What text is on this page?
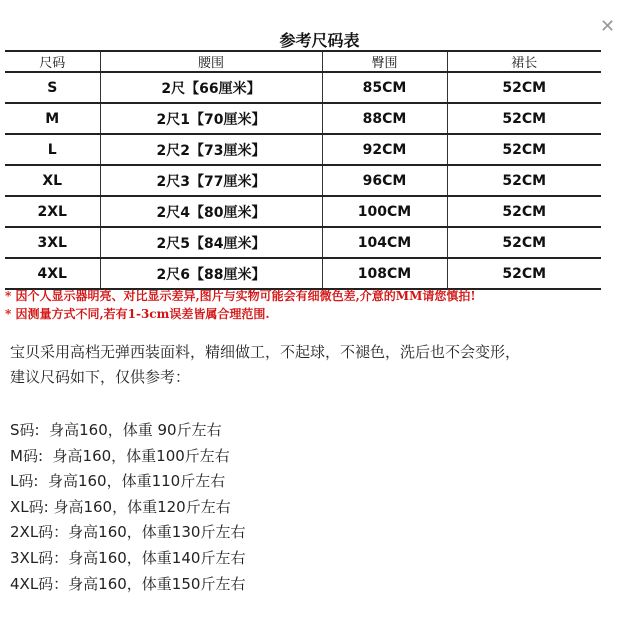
✕
参考尺码表
尺码	腰围	臀围	裙长
S	2尺【66厘米】	85CM	52CM
M	2尺1【70厘米】	88CM	52CM
L	2尺2【73厘米】	92CM	52CM
XL	2尺3【77厘米】	96CM	52CM
2XL	2尺4【80厘米】	100CM	52CM
3XL	2尺5【84厘米】	104CM	52CM
4XL	2尺6【88厘米】	108CM	52CM
* 因个人显示器明亮、对比显示差异,图片与实物可能会有细微色差,介意的MM请您慎拍!
* 因测量方式不同,若有1-3cm误差皆属合理范围.
宝贝采用高档无弹西装面料，精细做工，不起球，不褪色，洗后也不会变形，
建议尺码如下，仅供参考：
S码:  身高160，体重 90斤左右
M码:  身高160，体重100斤左右
L码:  身高160，体重110斤左右
XL码: 身高160，体重120斤左右
2XL码：身高160，体重130斤左右
3XL码：身高160，体重140斤左右
4XL码：身高160，体重150斤左右
